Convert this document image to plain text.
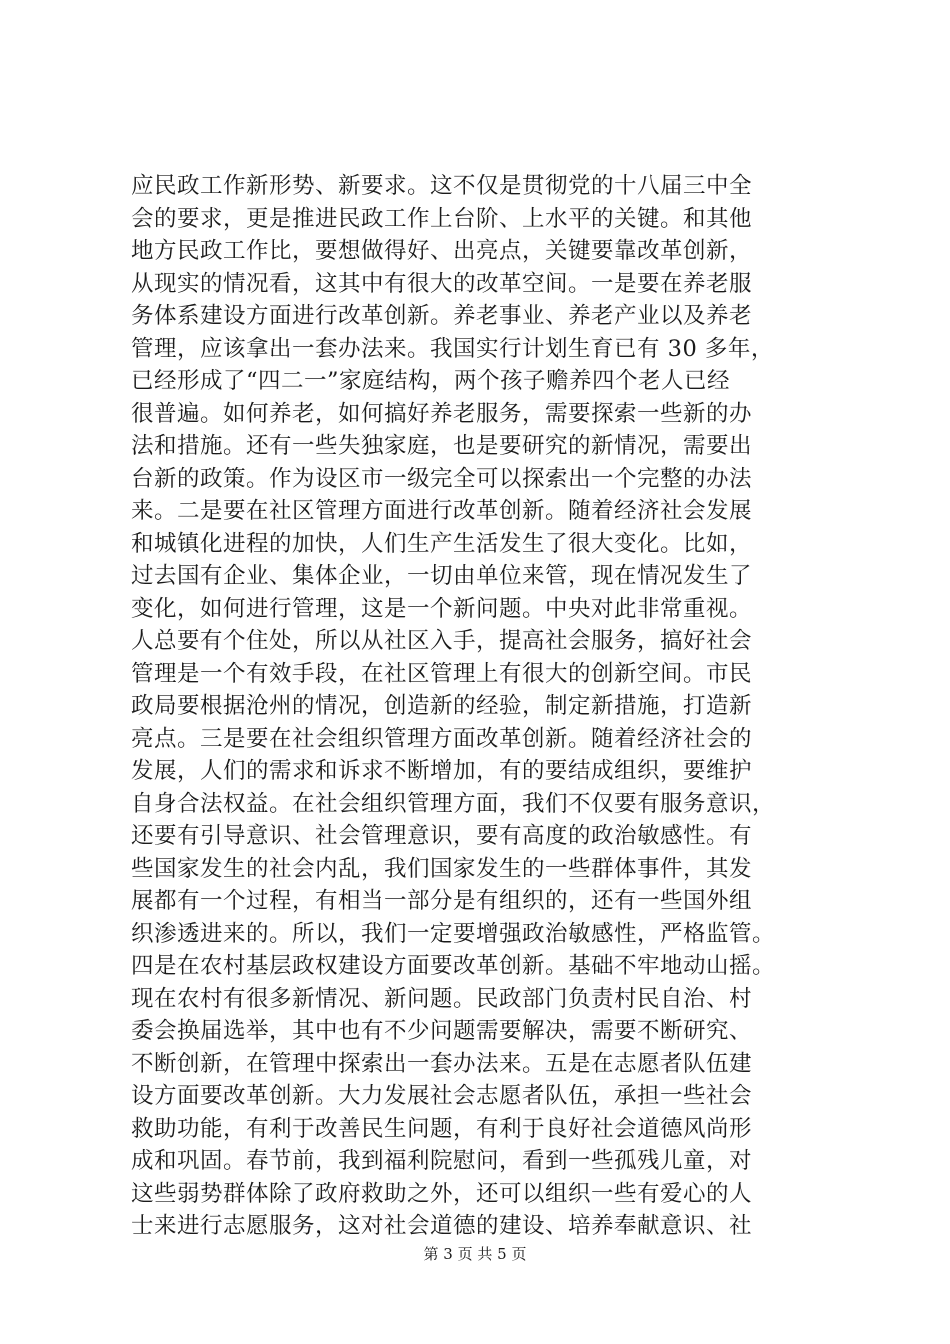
应民政工作新形势、新要求。这不仅是贯彻党的十八届三中全
会的要求，更是推进民政工作上台阶、上水平的关键。和其他
地方民政工作比，要想做得好、出亮点，关键要靠改革创新，
从现实的情况看，这其中有很大的改革空间。一是要在养老服
务体系建设方面进行改革创新。养老事业、养老产业以及养老
管理，应该拿出一套办法来。我国实行计划生育已有 30 多年，
已经形成了“四二一”家庭结构，两个孩子赡养四个老人已经
很普遍。如何养老，如何搞好养老服务，需要探索一些新的办
法和措施。还有一些失独家庭，也是要研究的新情况，需要出
台新的政策。作为设区市一级完全可以探索出一个完整的办法
来。二是要在社区管理方面进行改革创新。随着经济社会发展
和城镇化进程的加快，人们生产生活发生了很大变化。比如，
过去国有企业、集体企业，一切由单位来管，现在情况发生了
变化，如何进行管理，这是一个新问题。中央对此非常重视。
人总要有个住处，所以从社区入手，提高社会服务，搞好社会
管理是一个有效手段，在社区管理上有很大的创新空间。市民
政局要根据沧州的情况，创造新的经验，制定新措施，打造新
亮点。三是要在社会组织管理方面改革创新。随着经济社会的
发展，人们的需求和诉求不断增加，有的要结成组织，要维护
自身合法权益。在社会组织管理方面，我们不仅要有服务意识，
还要有引导意识、社会管理意识，要有高度的政治敏感性。有
些国家发生的社会内乱，我们国家发生的一些群体事件，其发
展都有一个过程，有相当一部分是有组织的，还有一些国外组
织渗透进来的。所以，我们一定要增强政治敏感性，严格监管。
四是在农村基层政权建设方面要改革创新。基础不牢地动山摇。
现在农村有很多新情况、新问题。民政部门负责村民自治、村
委会换届选举，其中也有不少问题需要解决，需要不断研究、
不断创新，在管理中探索出一套办法来。五是在志愿者队伍建
设方面要改革创新。大力发展社会志愿者队伍，承担一些社会
救助功能，有利于改善民生问题，有利于良好社会道德风尚形
成和巩固。春节前，我到福利院慰问，看到一些孤残儿童，对
这些弱势群体除了政府救助之外，还可以组织一些有爱心的人
士来进行志愿服务，这对社会道德的建设、培养奉献意识、社
第 3 页 共 5 页
